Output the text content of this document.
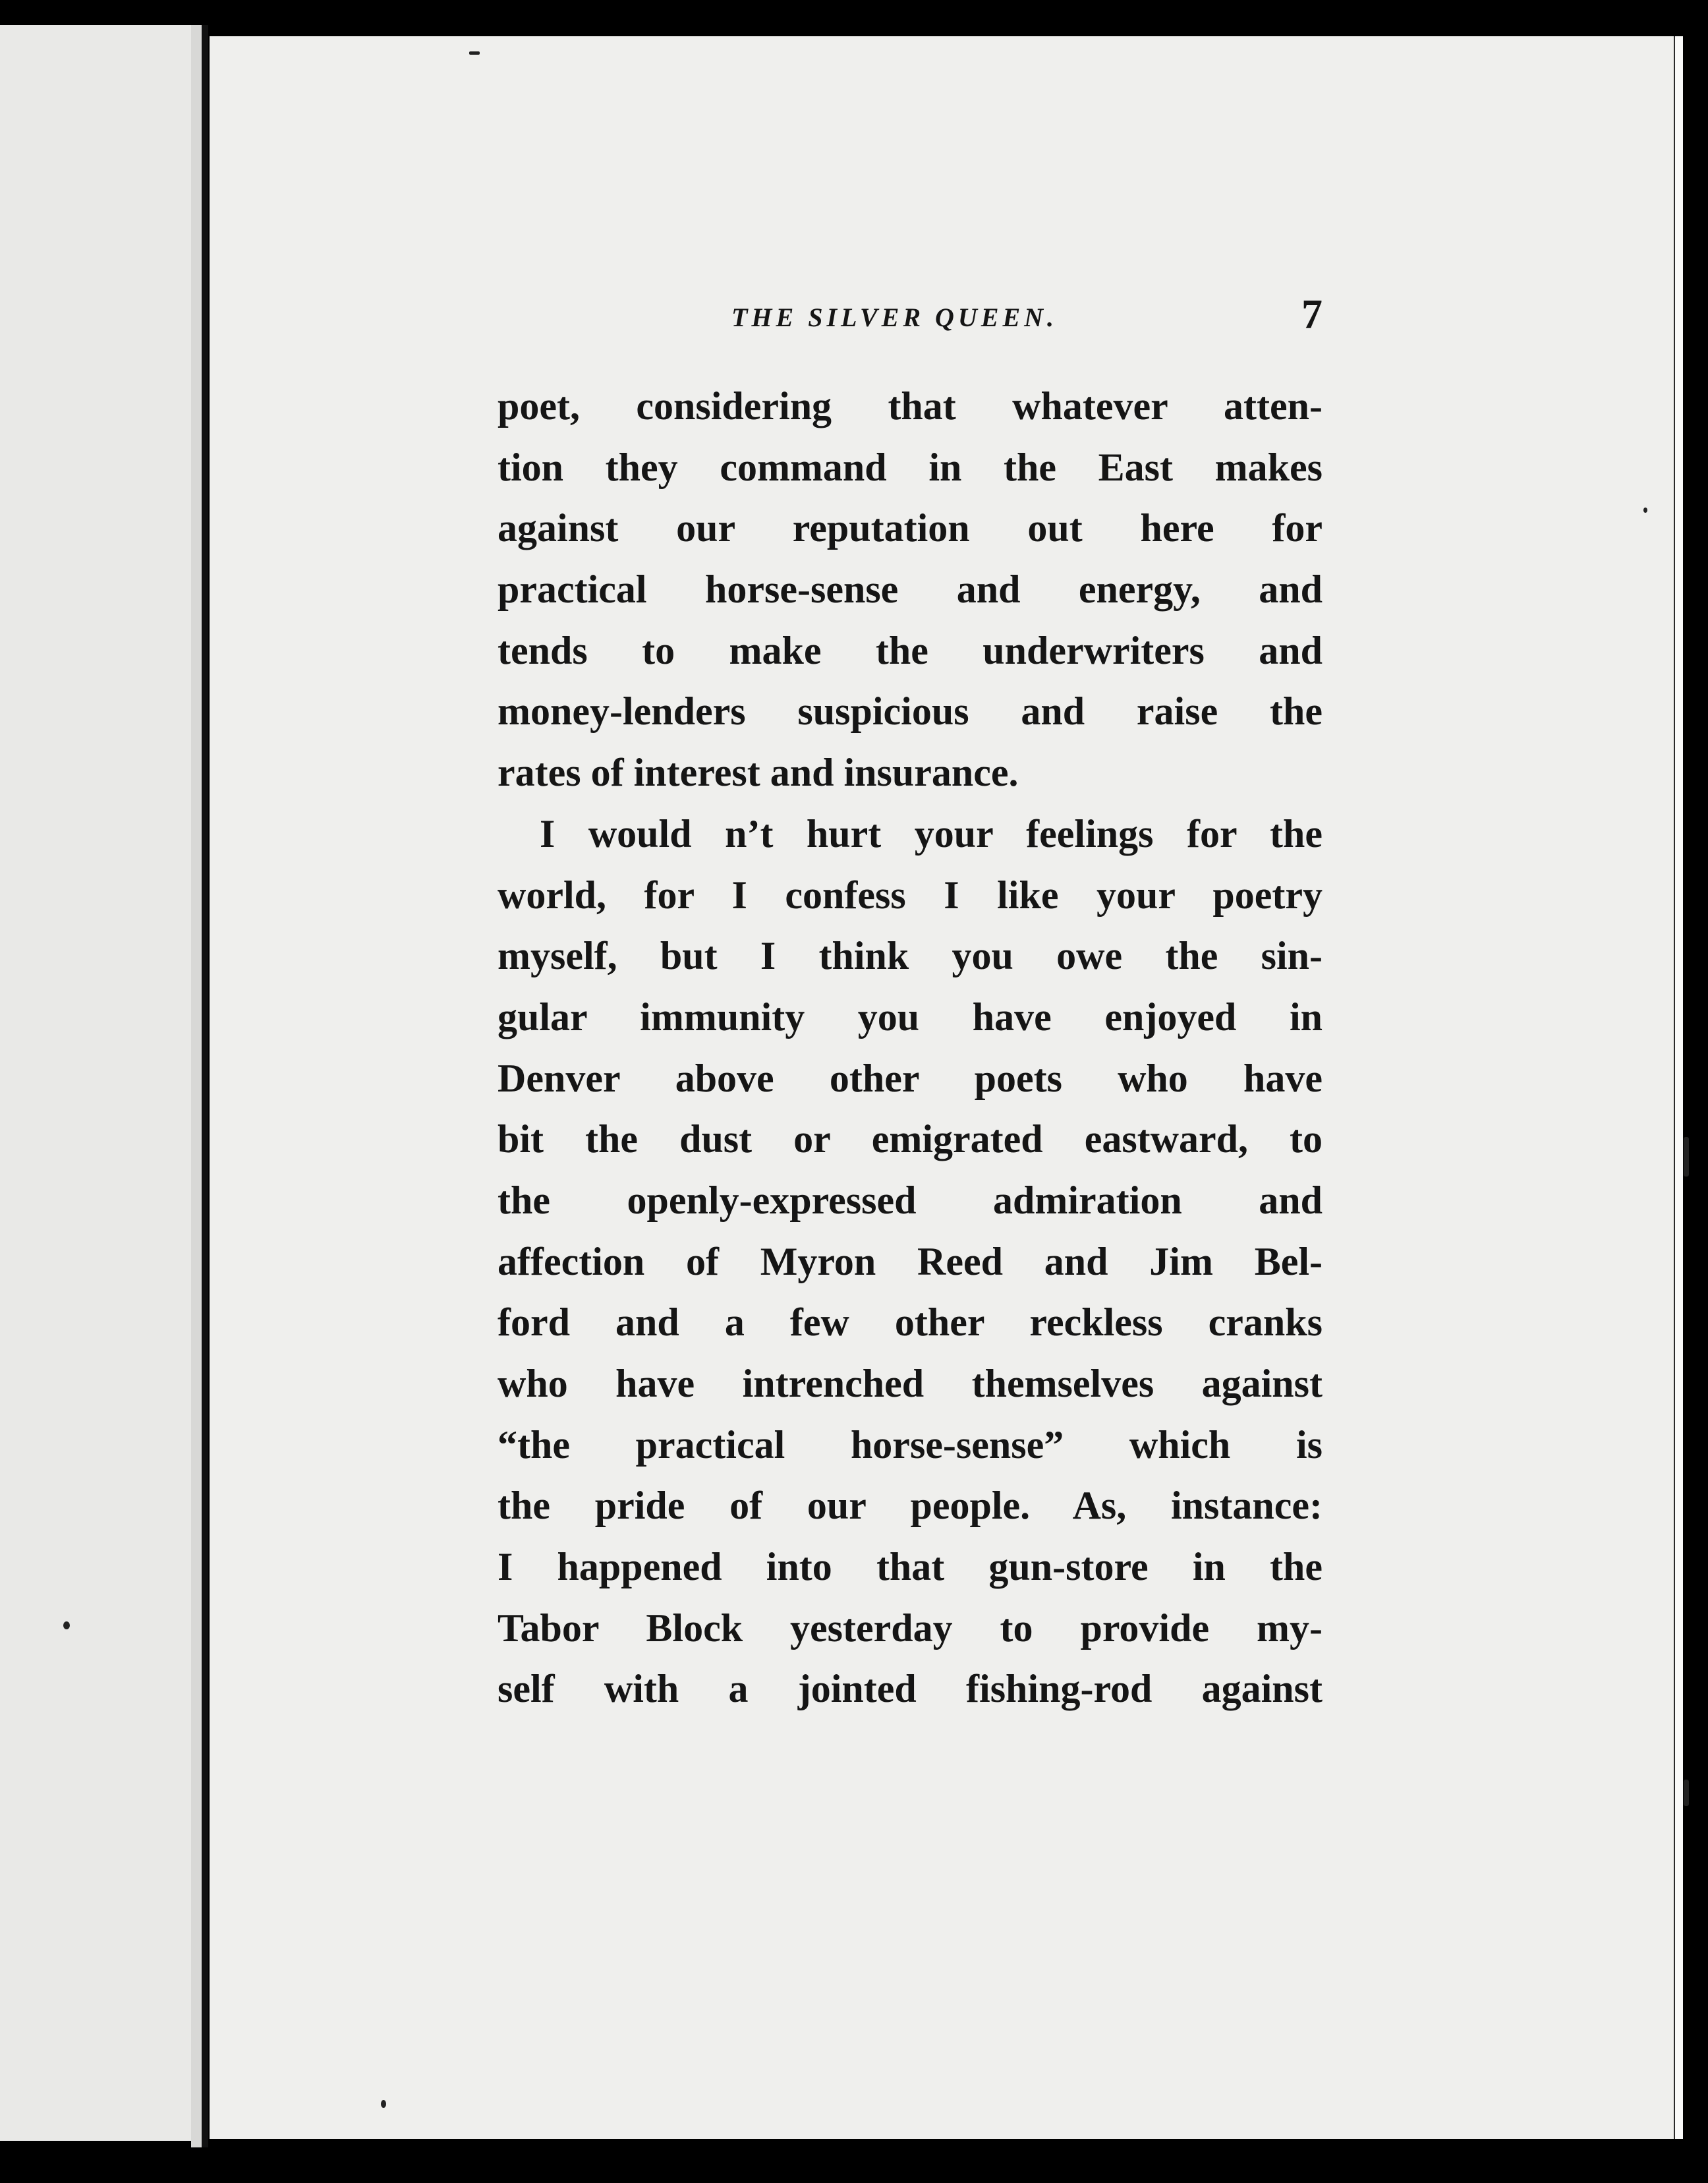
THE SILVER QUEEN.	7
poet, considering that whatever atten-
tion they command in the East makes
against our reputation out here for
practical horse-sense and energy, and
tends to make the underwriters and
money-lenders suspicious and raise the
rates of interest and insurance.
I would n’t hurt your feelings for the
world, for I confess I like your poetry
myself, but I think you owe the sin-
gular immunity you have enjoyed in
Denver above other poets who have
bit the dust or emigrated eastward, to
the openly-expressed admiration and
affection of Myron Reed and Jim Bel-
ford and a few other reckless cranks
who have intrenched themselves against
“the practical horse-sense” which is
the pride of our people. As, instance:
I happened into that gun-store in the
Tabor Block yesterday to provide my-
self with a jointed fishing-rod against
